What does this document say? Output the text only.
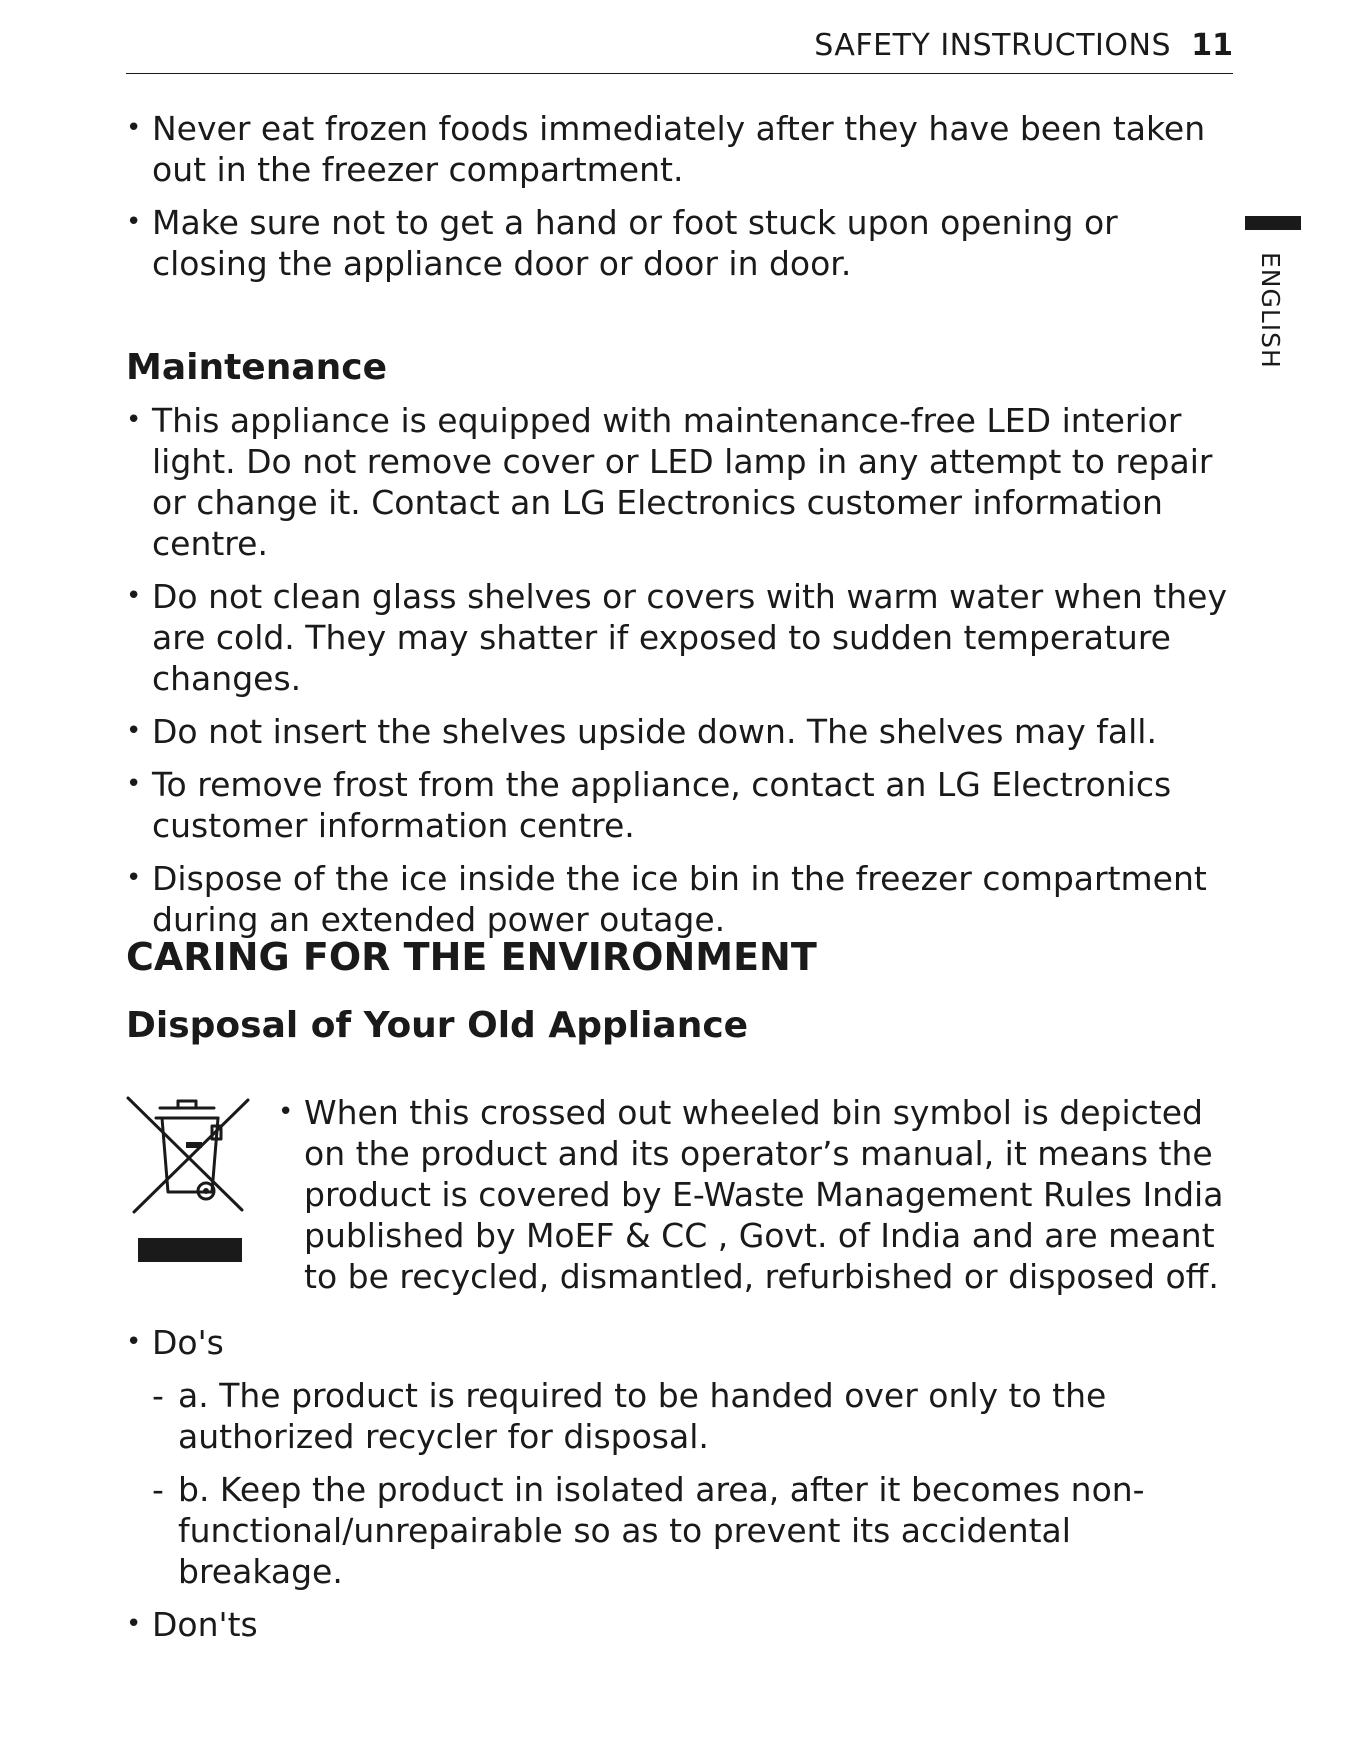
SAFETY INSTRUCTIONS 11
ENGLISH
• Never eat frozen foods immediately after they have been taken out in the freezer compartment.
• Make sure not to get a hand or foot stuck upon opening or closing the appliance door or door in door.
Maintenance
• This appliance is equipped with maintenance-free LED interior light. Do not remove cover or LED lamp in any attempt to repair or change it. Contact an LG Electronics customer information centre.
• Do not clean glass shelves or covers with warm water when they are cold. They may shatter if exposed to sudden temperature changes.
• Do not insert the shelves upside down. The shelves may fall.
• To remove frost from the appliance, contact an LG Electronics customer information centre.
• Dispose of the ice inside the ice bin in the freezer compartment during an extended power outage.
CARING FOR THE ENVIRONMENT
Disposal of Your Old Appliance
• When this crossed out wheeled bin symbol is depicted on the product and its operator’s manual, it means the product is covered by E-Waste Management Rules India published by MoEF & CC , Govt. of India and are meant to be recycled, dismantled, refurbished or disposed off.
• Do's
- a. The product is required to be handed over only to the authorized recycler for disposal.
- b. Keep the product in isolated area, after it becomes non-functional/unrepairable so as to prevent its accidental breakage.
• Don'ts
